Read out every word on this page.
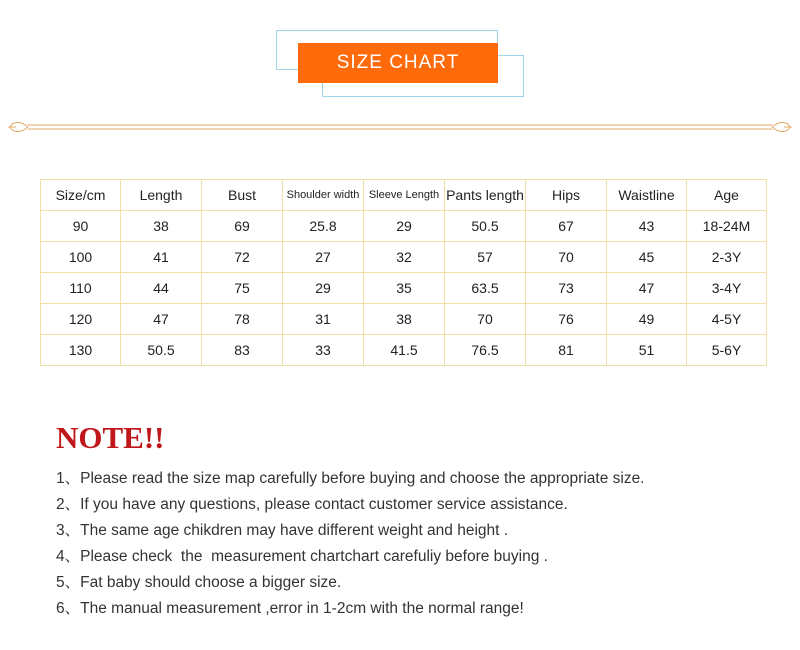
SIZE CHART
Size/cm	Length	Bust	Shoulder width	Sleeve Length	Pants length	Hips	Waistline	Age
90	38	69	25.8	29	50.5	67	43	18-24M
100	41	72	27	32	57	70	45	2-3Y
110	44	75	29	35	63.5	73	47	3-4Y
120	47	78	31	38	70	76	49	4-5Y
130	50.5	83	33	41.5	76.5	81	51	5-6Y
NOTE!!
1、Please read the size map carefully before buying and choose the appropriate size.
2、If you have any questions, please contact customer service assistance.
3、The same age chikdren may have different weight and height .
4、Please check  the  measurement chartchart carefuliy before buying .
5、Fat baby should choose a bigger size.
6、The manual measurement ,error in 1-2cm with the normal range!
